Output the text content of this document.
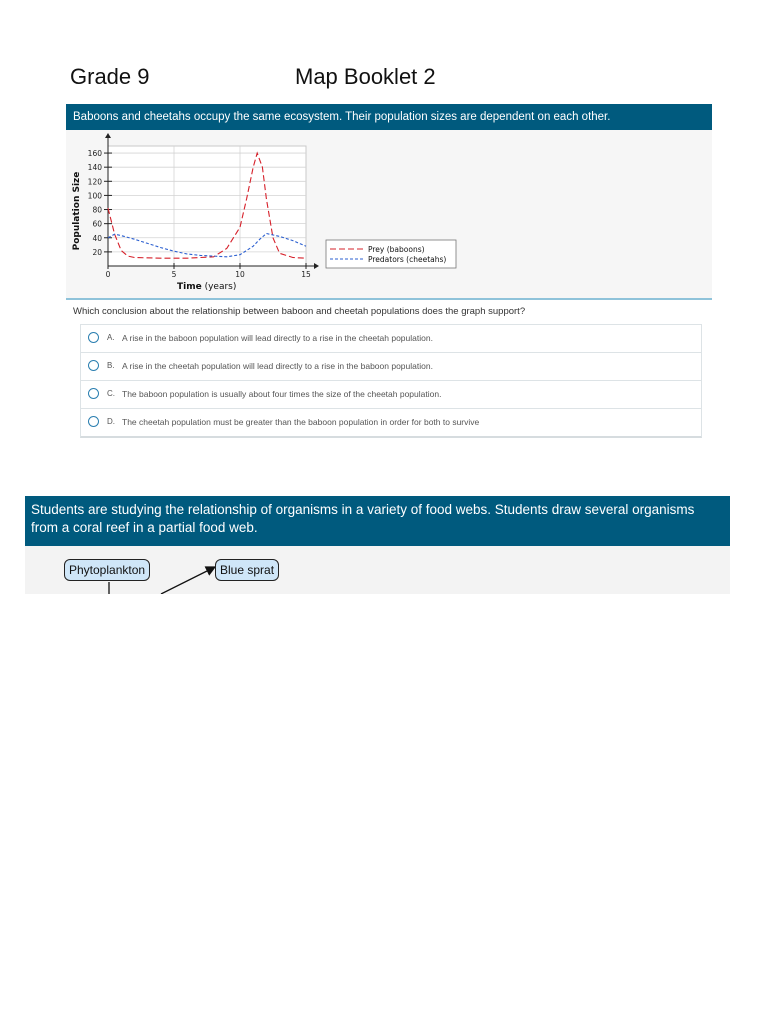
Grade 9	Map Booklet 2
Baboons and cheetahs occupy the same ecosystem. Their population sizes are dependent on each other.
20
40
60
80
100
120
140
160
0	5	10	15
Time (years)
Population Size	Prey (baboons)
Predators (cheetahs)
Which conclusion about the relationship between baboon and cheetah populations does the graph support?
A. A rise in the baboon population will lead directly to a rise in the cheetah population.
B. A rise in the cheetah population will lead directly to a rise in the baboon population.
C. The baboon population is usually about four times the size of the cheetah population.
D. The cheetah population must be greater than the baboon population in order for both to survive
Students are studying the relationship of organisms in a variety of food webs. Students draw several organisms from a coral reef in a partial food web.
Phytoplankton	Blue sprat
